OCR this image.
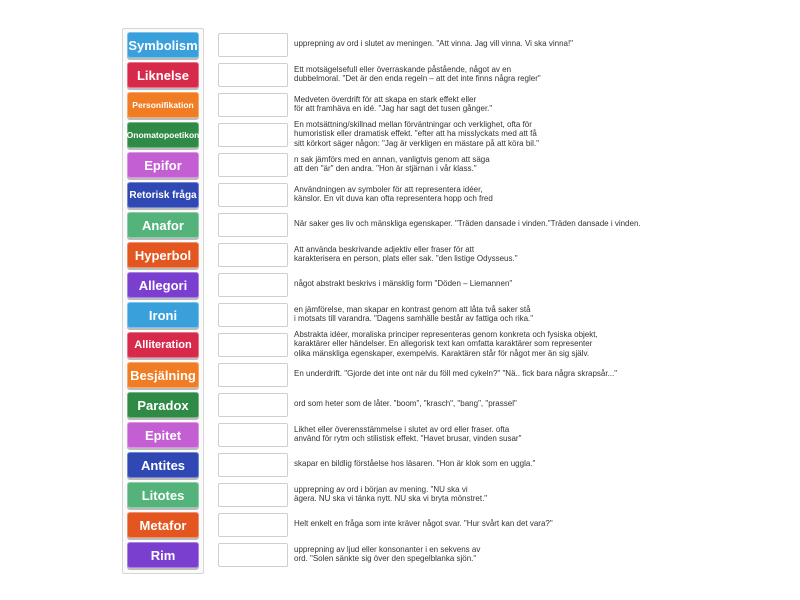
Symbolism
Liknelse
Personifikation
Onomatopoetikon
Epifor
Retorisk fråga
Anafor
Hyperbol
Allegori
Ironi
Alliteration
Besjälning
Paradox
Epitet
Antites
Litotes
Metafor
Rim
upprepning av ord i slutet av meningen. "Att vinna. Jag vill vinna. Vi ska vinna!"
Ett motsägelsefull eller överraskande påstående, något av en
dubbelmoral. "Det är den enda regeln – att det inte finns några regler"
Medveten överdrift för att skapa en stark effekt eller
för att framhäva en idé. "Jag har sagt det tusen gånger."
En motsättning/skillnad mellan förväntningar och verklighet, ofta för
humoristisk eller dramatisk effekt. "efter att ha misslyckats med att få
sitt körkort säger någon: "Jag är verkligen en mästare på att köra bil."
n sak jämförs med en annan, vanligtvis genom att säga
att den "är" den andra. "Hon är stjärnan i vår klass."
Användningen av symboler för att representera idéer,
känslor. En vit duva kan ofta representera hopp och fred
När saker ges liv och mänskliga egenskaper. "Träden dansade i vinden."Träden dansade i vinden.
Att använda beskrivande adjektiv eller fraser för att
karakterisera en person, plats eller sak. "den listige Odysseus."
något abstrakt beskrivs i mänsklig form "Döden – Liemannen"
en jämförelse, man skapar en kontrast genom att låta två saker stå
i motsats till varandra. "Dagens samhälle består av fattiga och rika."
Abstrakta idéer, moraliska principer representeras genom konkreta och fysiska objekt,
karaktärer eller händelser. En allegorisk text kan omfatta karaktärer som representer
olika mänskliga egenskaper, exempelvis. Karaktären står för något mer än sig själv.
En underdrift. "Gjorde det inte ont när du föll med cykeln?" "Nä.. fick bara några skrapsår..."
ord som heter som de låter. "boom", "krasch", "bang", "prassel"
Likhet eller överensstämmelse i slutet av ord eller fraser. ofta
använd för rytm och stilistisk effekt. "Havet brusar, vinden susar"
skapar en bildlig förståelse hos läsaren. "Hon är klok som en uggla."
upprepning av ord i början av mening. "NU ska vi
ägera. NU ska vi tänka nytt. NU ska vi bryta mönstret."
Helt enkelt en fråga som inte kräver något svar. "Hur svårt kan det vara?"
upprepning av ljud eller konsonanter i en sekvens av
ord. "Solen sänkte sig över den spegelblanka sjön."
